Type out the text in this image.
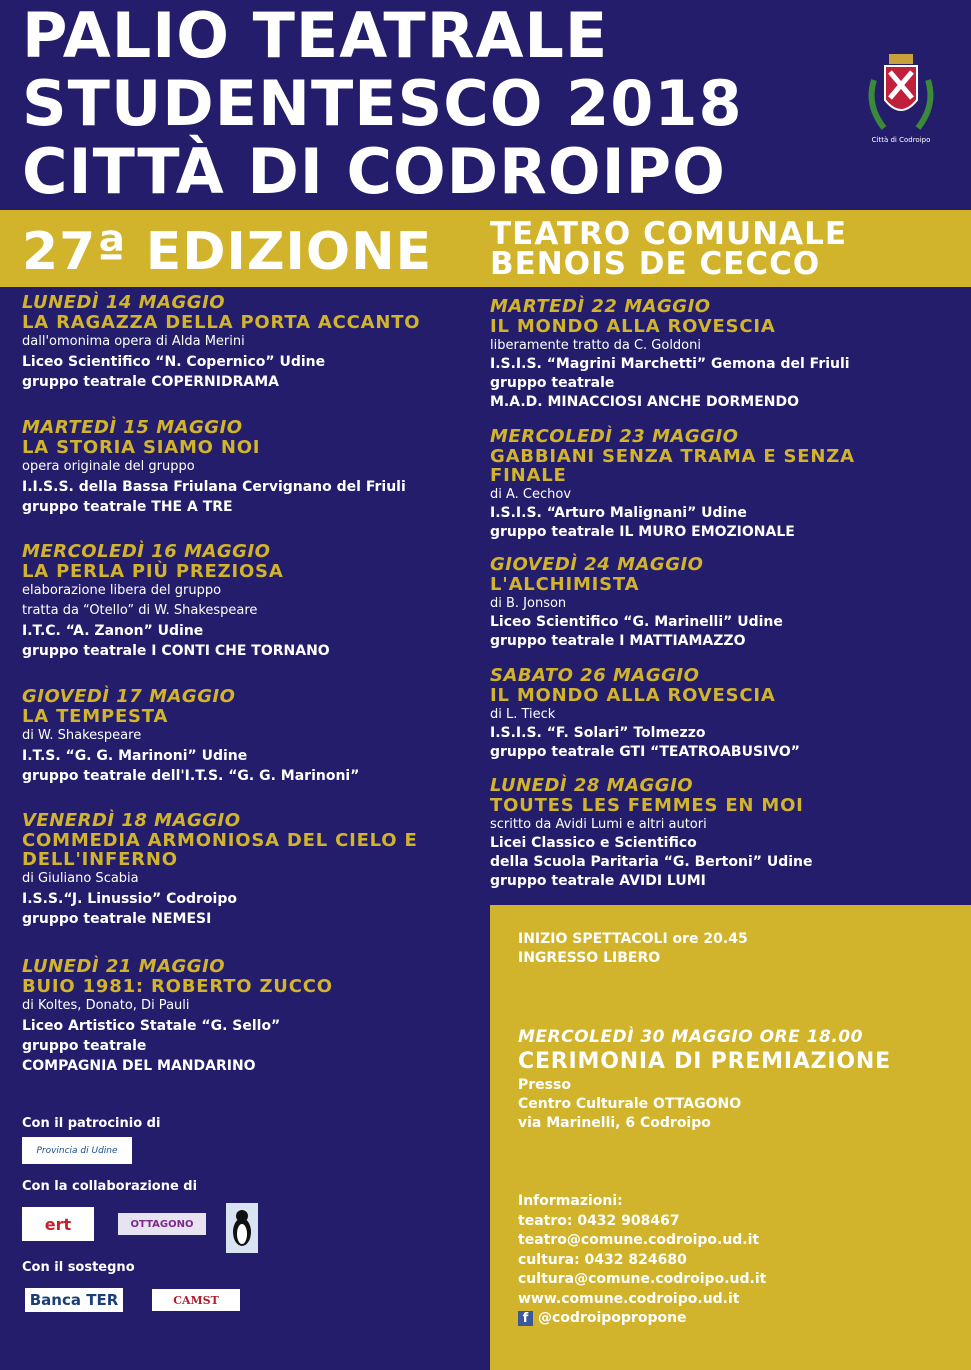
PALIO TEATRALE
STUDENTESCO 2018
CITTÀ DI CODROIPO	Città di Codroipo
27ª EDIZIONE TEATRO COMUNALE
BENOIS DE CECCO
LUNEDÌ 14 MAGGIO
LA RAGAZZA DELLA PORTA ACCANTO
dall'omonima opera di Alda Merini
Liceo Scientifico “N. Copernico” Udine
gruppo teatrale COPERNIDRAMA
MARTEDÌ 15 MAGGIO
LA STORIA SIAMO NOI
opera originale del gruppo
I.I.S.S. della Bassa Friulana Cervignano del Friuli
gruppo teatrale THE A TRE
MERCOLEDÌ 16 MAGGIO
LA PERLA PIÙ PREZIOSA
elaborazione libera del gruppo
tratta da “Otello” di W. Shakespeare
I.T.C. “A. Zanon” Udine
gruppo teatrale I CONTI CHE TORNANO
GIOVEDÌ 17 MAGGIO
LA TEMPESTA
di W. Shakespeare
I.T.S. “G. G. Marinoni” Udine
gruppo teatrale dell'I.T.S. “G. G. Marinoni”
VENERDÌ 18 MAGGIO
COMMEDIA ARMONIOSA DEL CIELO E
DELL'INFERNO
di Giuliano Scabia
I.S.S.“J. Linussio” Codroipo
gruppo teatrale NEMESI
LUNEDÌ 21 MAGGIO
BUIO 1981: ROBERTO ZUCCO
di Koltes, Donato, Di Pauli
Liceo Artistico Statale “G. Sello”
gruppo teatrale
COMPAGNIA DEL MANDARINO
MARTEDÌ 22 MAGGIO
IL MONDO ALLA ROVESCIA
liberamente tratto da C. Goldoni
I.S.I.S. “Magrini Marchetti” Gemona del Friuli
gruppo teatrale
M.A.D. MINACCIOSI ANCHE DORMENDO
MERCOLEDÌ 23 MAGGIO
GABBIANI SENZA TRAMA E SENZA
FINALE
di A. Cechov
I.S.I.S. “Arturo Malignani” Udine
gruppo teatrale IL MURO EMOZIONALE
GIOVEDÌ 24 MAGGIO
L'ALCHIMISTA
di B. Jonson
Liceo Scientifico “G. Marinelli” Udine
gruppo teatrale I MATTIAMAZZO
SABATO 26 MAGGIO
IL MONDO ALLA ROVESCIA
di L. Tieck
I.S.I.S. “F. Solari” Tolmezzo
gruppo teatrale GTI “TEATROABUSIVO”
LUNEDÌ 28 MAGGIO
TOUTES LES FEMMES EN MOI
scritto da Avidi Lumi e altri autori
Licei Classico e Scientifico
della Scuola Paritaria “G. Bertoni” Udine
gruppo teatrale AVIDI LUMI
INIZIO SPETTACOLI ore 20.45
INGRESSO LIBERO
MERCOLEDÌ 30 MAGGIO ORE 18.00
CERIMONIA DI PREMIAZIONE
Presso
Centro Culturale OTTAGONO
via Marinelli, 6 Codroipo
Informazioni:
teatro: 0432 908467
teatro@comune.codroipo.ud.it
cultura: 0432 824680
cultura@comune.codroipo.ud.it
www.comune.codroipo.ud.it
f @codroipopropone
Con il patrocinio di
Provincia di Udine
Con la collaborazione di
ert	OTTAGONO
Con il sostegno
Banca TER	CAMST
